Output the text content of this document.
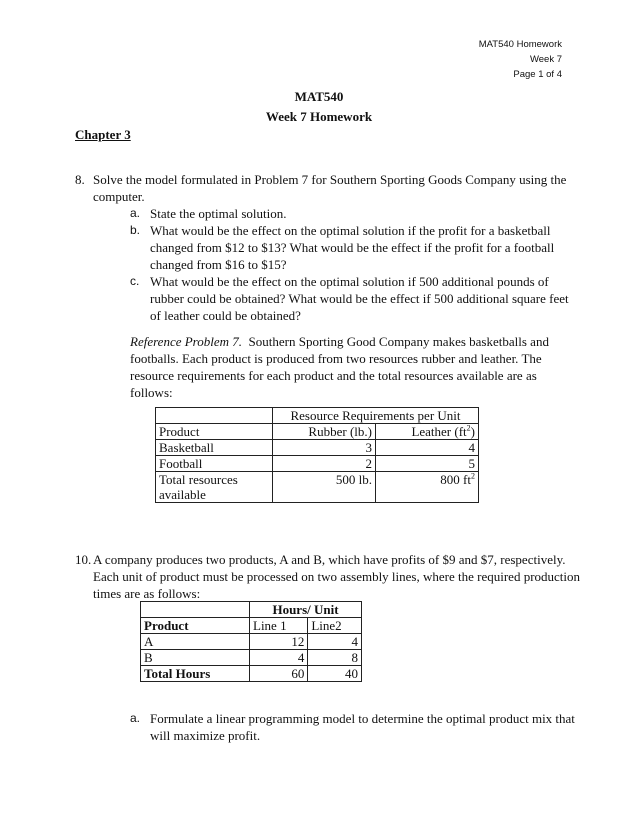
MAT540 Homework
Week 7
Page 1 of 4
MAT540
Week 7 Homework
Chapter 3
8. Solve the model formulated in Problem 7 for Southern Sporting Goods Company using the
computer.
a. State the optimal solution.
b. What would be the effect on the optimal solution if the profit for a basketball
changed from $12 to $13? What would be the effect if the profit for a football
changed from $16 to $15?
c. What would be the effect on the optimal solution if 500 additional pounds of
rubber could be obtained? What would be the effect if 500 additional square feet
of leather could be obtained?
Reference Problem 7.  Southern Sporting Good Company makes basketballs and
footballs. Each product is produced from two resources rubber and leather. The
resource requirements for each product and the total resources available are as
follows:
	Resource Requirements per Unit	
Product	Rubber (lb.)	Leather $(ft^2)$
Basketball	3	4
Football	2	5
Total resources
available	500 lb.	800 $ft^2$
10. A company produces two products, A and B, which have profits of $9 and $7, respectively.
Each unit of product must be processed on two assembly lines, where the required production
times are as follows:
	Hours/ Unit	
Product	Line 1	Line2
A	12	4
B	4	8
Total Hours	60	40
a. Formulate a linear programming model to determine the optimal product mix that
will maximize profit.
